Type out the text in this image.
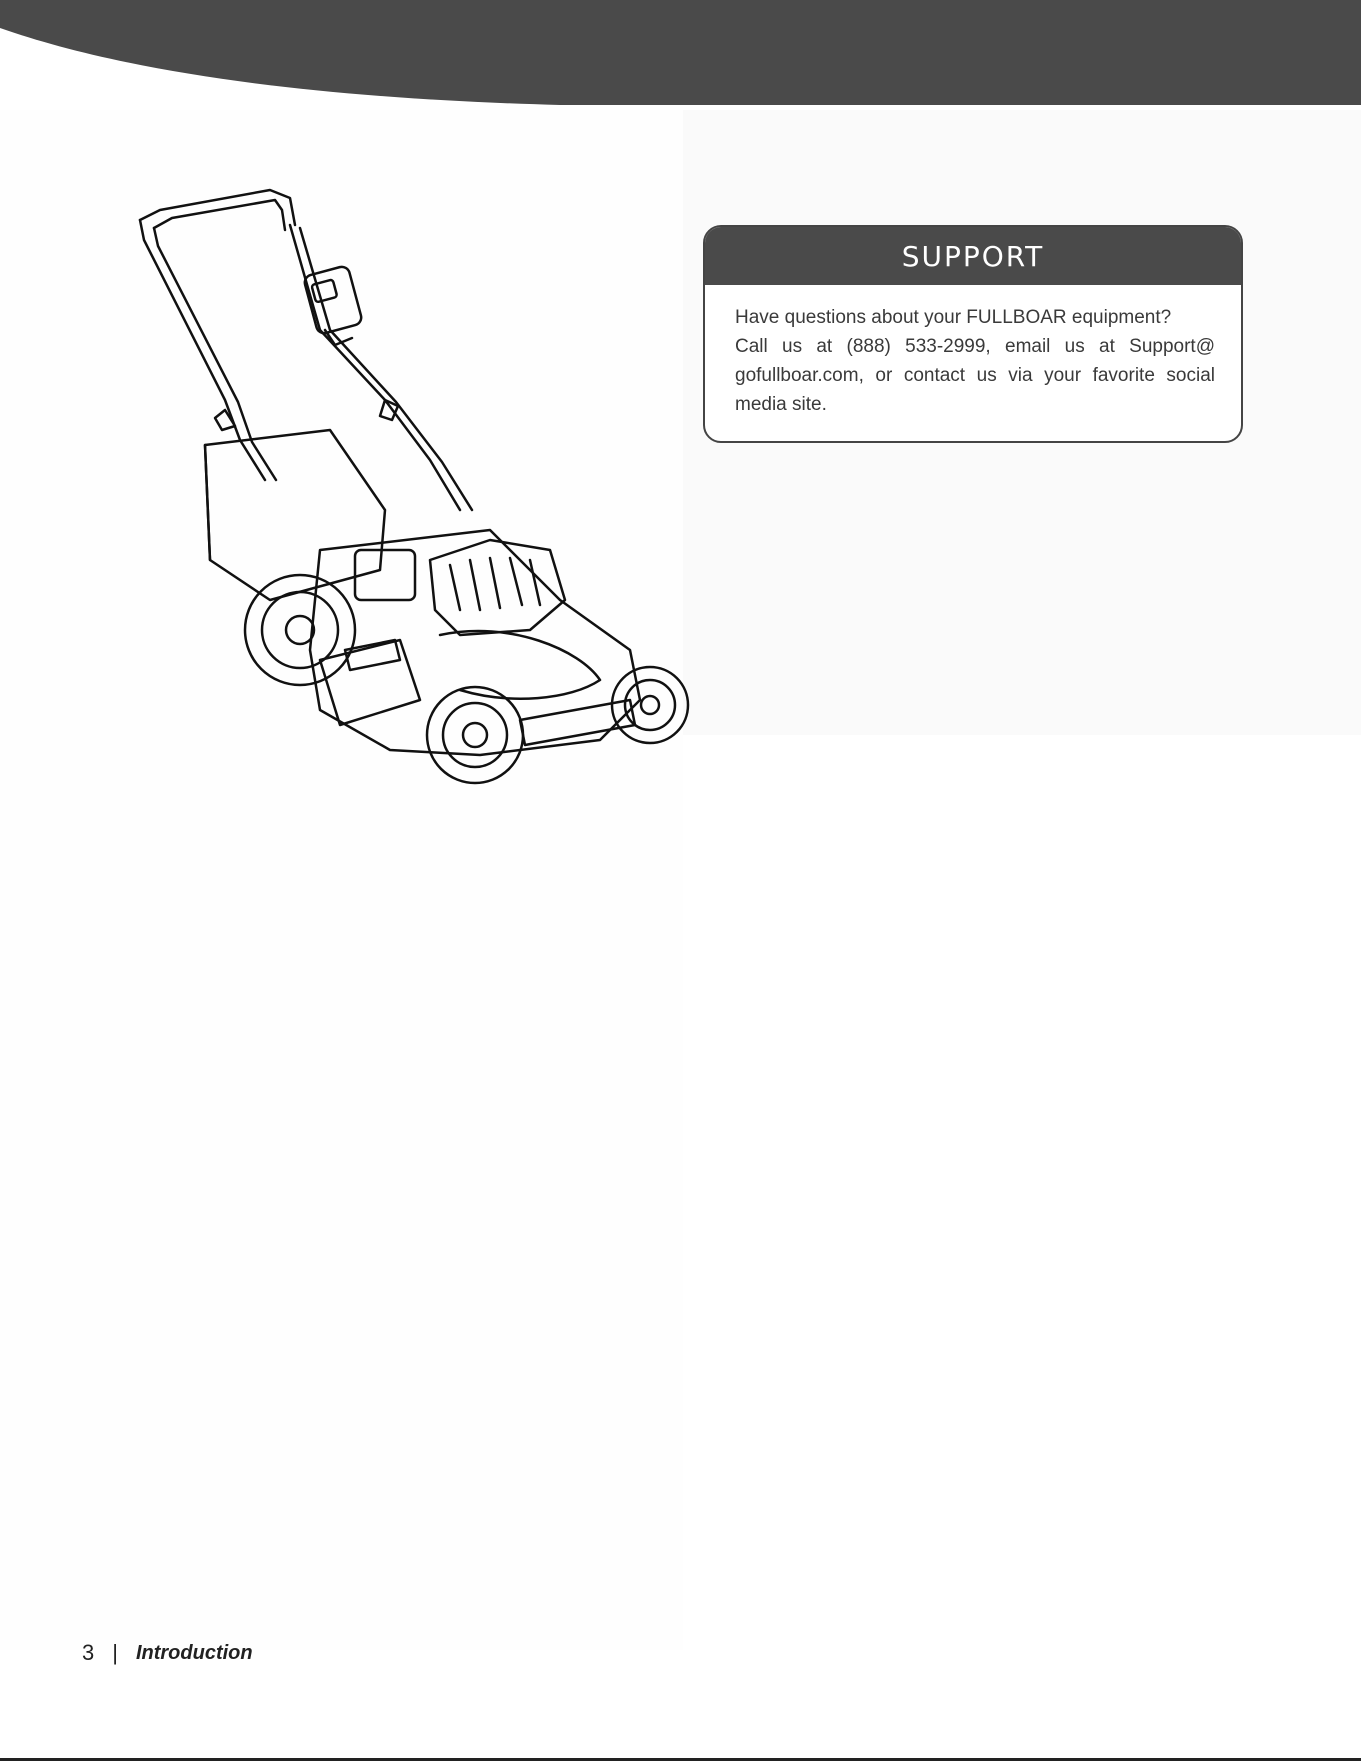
SUPPORT

Have questions about your FULLBOAR equipment?

Call us at (888) 533-2999, email us at Support@

gofullboar.com, or contact us via your favorite social

media site.

3 | Introduction
